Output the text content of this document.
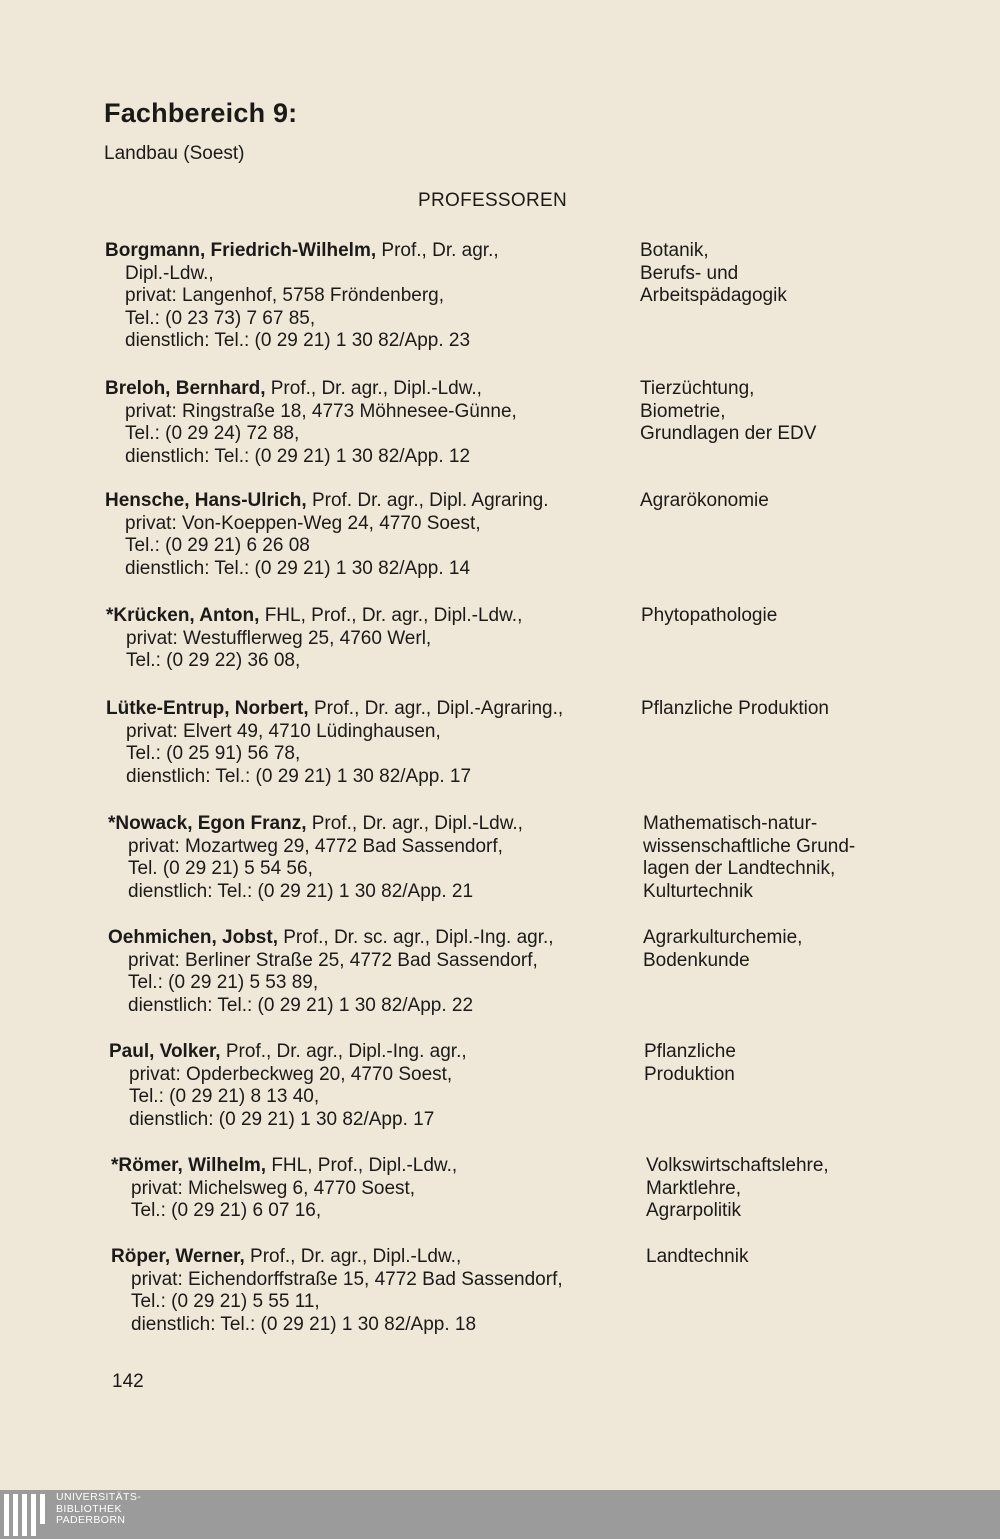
Fachbereich 9:
Landbau (Soest)
PROFESSOREN
Borgmann, Friedrich-Wilhelm, Prof., Dr. agr.,
Dipl.-Ldw.,
privat: Langenhof, 5758 Fröndenberg,
Tel.: (0 23 73) 7 67 85,
dienstlich: Tel.: (0 29 21) 1 30 82/App. 23
Botanik,
Berufs- und
Arbeitspädagogik
Breloh, Bernhard, Prof., Dr. agr., Dipl.-Ldw.,
privat: Ringstraße 18, 4773 Möhnesee-Günne,
Tel.: (0 29 24) 72 88,
dienstlich: Tel.: (0 29 21) 1 30 82/App. 12
Tierzüchtung,
Biometrie,
Grundlagen der EDV
Hensche, Hans-Ulrich, Prof. Dr. agr., Dipl. Agraring.
privat: Von-Koeppen-Weg 24, 4770 Soest,
Tel.: (0 29 21) 6 26 08
dienstlich: Tel.: (0 29 21) 1 30 82/App. 14
Agrarökonomie
*Krücken, Anton, FHL, Prof., Dr. agr., Dipl.-Ldw.,
privat: Westufflerweg 25, 4760 Werl,
Tel.: (0 29 22) 36 08,
Phytopathologie
Lütke-Entrup, Norbert, Prof., Dr. agr., Dipl.-Agraring.,
privat: Elvert 49, 4710 Lüdinghausen,
Tel.: (0 25 91) 56 78,
dienstlich: Tel.: (0 29 21) 1 30 82/App. 17
Pflanzliche Produktion
*Nowack, Egon Franz, Prof., Dr. agr., Dipl.-Ldw.,
privat: Mozartweg 29, 4772 Bad Sassendorf,
Tel. (0 29 21) 5 54 56,
dienstlich: Tel.: (0 29 21) 1 30 82/App. 21
Mathematisch-natur-
wissenschaftliche Grund-
lagen der Landtechnik,
Kulturtechnik
Oehmichen, Jobst, Prof., Dr. sc. agr., Dipl.-Ing. agr.,
privat: Berliner Straße 25, 4772 Bad Sassendorf,
Tel.: (0 29 21) 5 53 89,
dienstlich: Tel.: (0 29 21) 1 30 82/App. 22
Agrarkulturchemie,
Bodenkunde
Paul, Volker, Prof., Dr. agr., Dipl.-Ing. agr.,
privat: Opderbeckweg 20, 4770 Soest,
Tel.: (0 29 21) 8 13 40,
dienstlich: (0 29 21) 1 30 82/App. 17
Pflanzliche
Produktion
*Römer, Wilhelm, FHL, Prof., Dipl.-Ldw.,
privat: Michelsweg 6, 4770 Soest,
Tel.: (0 29 21) 6 07 16,
Volkswirtschaftslehre,
Marktlehre,
Agrarpolitik
Röper, Werner, Prof., Dr. agr., Dipl.-Ldw.,
privat: Eichendorffstraße 15, 4772 Bad Sassendorf,
Tel.: (0 29 21) 5 55 11,
dienstlich: Tel.: (0 29 21) 1 30 82/App. 18
Landtechnik
142
UNIVERSITÄTS-
BIBLIOTHEK
PADERBORN
